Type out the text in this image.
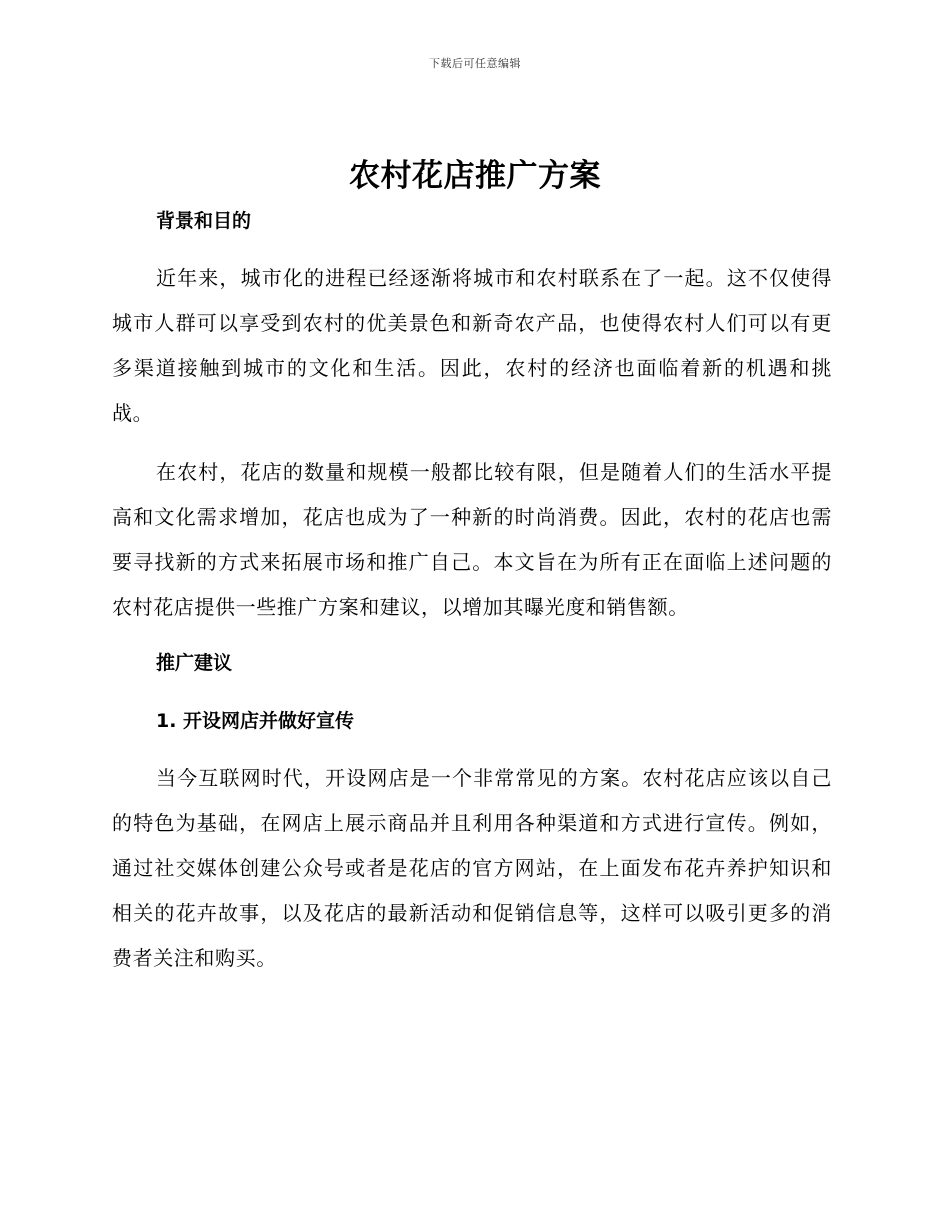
下载后可任意编辑
农村花店推广方案
背景和目的

近年来，城市化的进程已经逐渐将城市和农村联系在了一起。这不仅使得城市人群可以享受到农村的优美景色和新奇农产品，也使得农村人们可以有更多渠道接触到城市的文化和生活。因此，农村的经济也面临着新的机遇和挑战。

在农村，花店的数量和规模一般都比较有限，但是随着人们的生活水平提高和文化需求增加，花店也成为了一种新的时尚消费。因此，农村的花店也需要寻找新的方式来拓展市场和推广自己。本文旨在为所有正在面临上述问题的农村花店提供一些推广方案和建议，以增加其曝光度和销售额。

推广建议
1. 开设网店并做好宣传

当今互联网时代，开设网店是一个非常常见的方案。农村花店应该以自己的特色为基础，在网店上展示商品并且利用各种渠道和方式进行宣传。例如，通过社交媒体创建公众号或者是花店的官方网站，在上面发布花卉养护知识和相关的花卉故事，以及花店的最新活动和促销信息等，这样可以吸引更多的消费者关注和购买。
